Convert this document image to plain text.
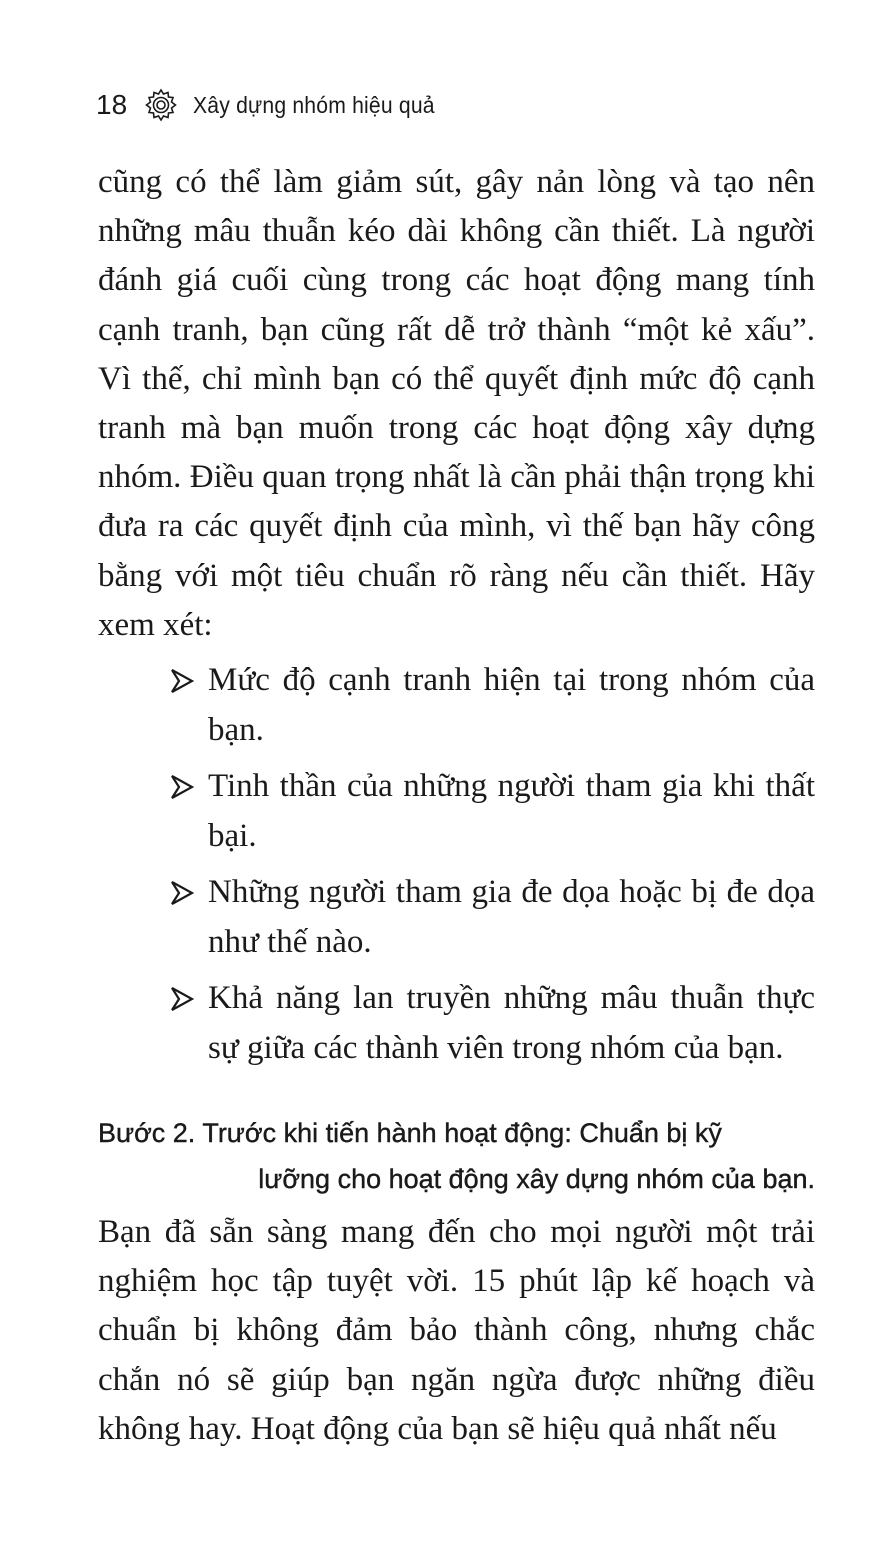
18	Xây dựng nhóm hiệu quả

cũng có thể làm giảm sút, gây nản lòng và tạo nên những mâu thuẫn kéo dài không cần thiết. Là người đánh giá cuối cùng trong các hoạt động mang tính cạnh tranh, bạn cũng rất dễ trở thành “một kẻ xấu”. Vì thế, chỉ mình bạn có thể quyết định mức độ cạnh tranh mà bạn muốn trong các hoạt động xây dựng nhóm. Điều quan trọng nhất là cần phải thận trọng khi đưa ra các quyết định của mình, vì thế bạn hãy công bằng với một tiêu chuẩn rõ ràng nếu cần thiết. Hãy xem xét:

Mức độ cạnh tranh hiện tại trong nhóm của bạn.
Tinh thần của những người tham gia khi thất bại.
Những người tham gia đe dọa hoặc bị đe dọa như thế nào.
Khả năng lan truyền những mâu thuẫn thực sự giữa các thành viên trong nhóm của bạn.
Bước 2. Trước khi tiến hành hoạt động: Chuẩn bị kỹ
lưỡng cho hoạt động xây dựng nhóm của bạn.

Bạn đã sẵn sàng mang đến cho mọi người một trải nghiệm học tập tuyệt vời. 15 phút lập kế hoạch và chuẩn bị không đảm bảo thành công, nhưng chắc chắn nó sẽ giúp bạn ngăn ngừa được những điều không hay. Hoạt động của bạn sẽ hiệu quả nhất nếu
